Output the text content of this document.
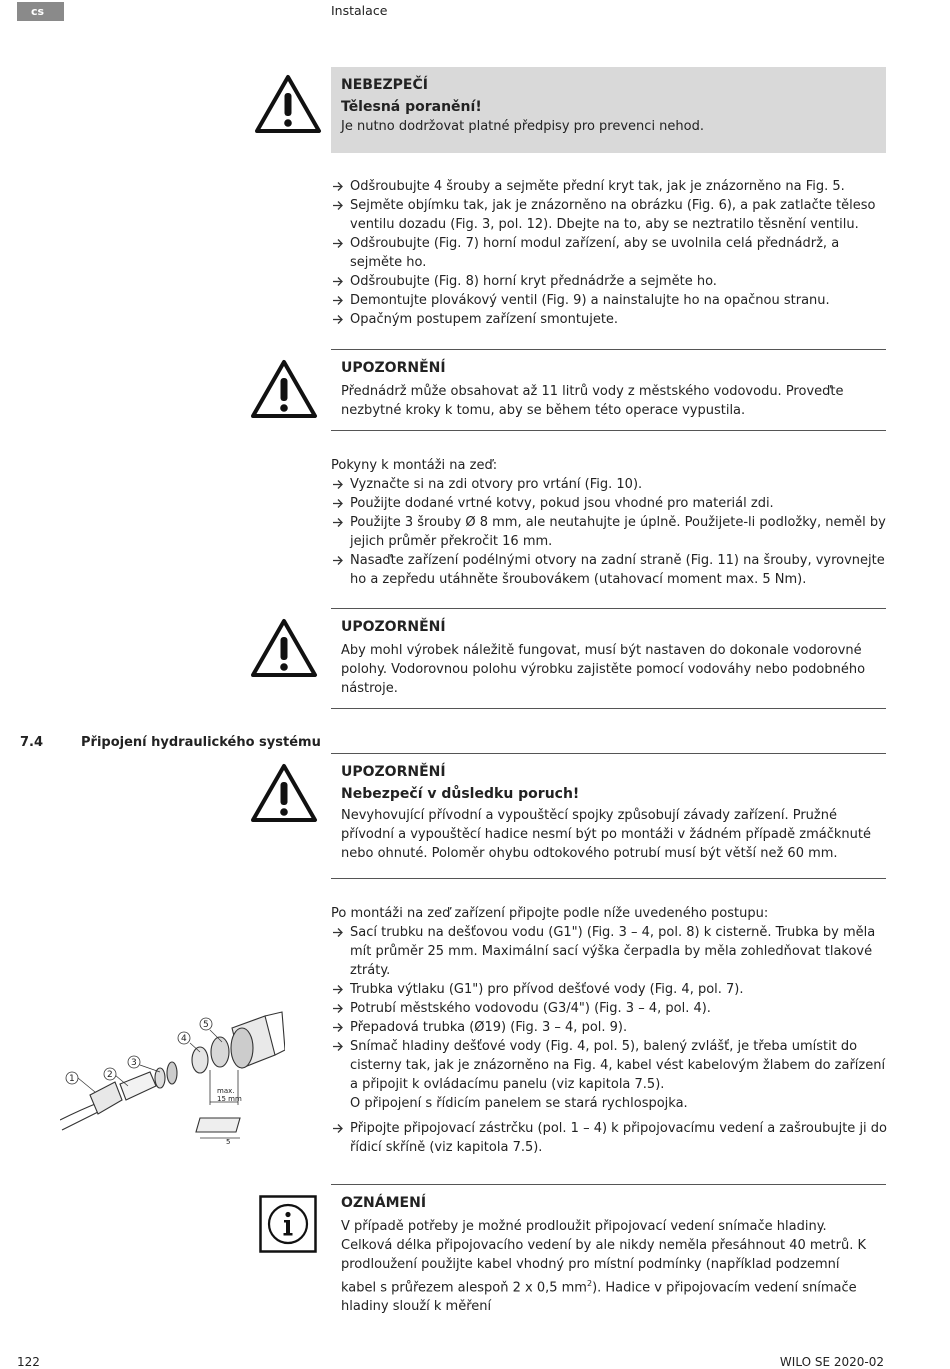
cs	Instalace
NEBEZPEČÍ
Tělesná poranění!
Je nutno dodržovat platné předpisy pro prevenci nehod.
Odšroubujte 4 šrouby a sejměte přední kryt tak, jak je znázorněno na Fig. 5.
Sejměte objímku tak, jak je znázorněno na obrázku (Fig. 6), a pak zatlačte těleso ventilu dozadu (Fig. 3, pol. 12). Dbejte na to, aby se neztratilo těsnění ventilu.
Odšroubujte (Fig. 7) horní modul zařízení, aby se uvolnila celá přednádrž, a sejměte ho.
Odšroubujte (Fig. 8) horní kryt přednádrže a sejměte ho.
Demontujte plovákový ventil (Fig. 9) a nainstalujte ho na opačnou stranu.
Opačným postupem zařízení smontujete.
UPOZORNĚNÍ
Přednádrž může obsahovat až 11 litrů vody z městského vodovodu. Proveďte nezbytné kroky k tomu, aby se během této operace vypustila.
Pokyny k montáži na zeď:
Vyznačte si na zdi otvory pro vrtání (Fig. 10).
Použijte dodané vrtné kotvy, pokud jsou vhodné pro materiál zdi.
Použijte 3 šrouby Ø 8 mm, ale neutahujte je úplně. Použijete-li podložky, neměl by jejich průměr překročit 16 mm.
Nasaďte zařízení podélnými otvory na zadní straně (Fig. 11) na šrouby, vyrovnejte ho a zepředu utáhněte šroubovákem (utahovací moment max. 5 Nm).
UPOZORNĚNÍ
Aby mohl výrobek náležitě fungovat, musí být nastaven do dokonale vodorovné polohy. Vodorovnou polohu výrobku zajistěte pomocí vodováhy nebo podobného nástroje.
7.4	Připojení hydraulického systému
UPOZORNĚNÍ
Nebezpečí v důsledku poruch!
Nevyhovující přívodní a vypouštěcí spojky způsobují závady zařízení. Pružné přívodní a vypouštěcí hadice nesmí být po montáži v žádném případě zmáčknuté nebo ohnuté. Poloměr ohybu odtokového potrubí musí být větší než 60 mm.
Po montáži na zeď zařízení připojte podle níže uvedeného postupu:
Sací trubku na dešťovou vodu (G1") (Fig. 3 – 4, pol. 8) k cisterně. Trubka by měla mít průměr 25 mm. Maximální sací výška čerpadla by měla zohledňovat tlakové ztráty.
Trubka výtlaku (G1") pro přívod dešťové vody (Fig. 4, pol. 7).
Potrubí městského vodovodu (G3/4") (Fig. 3 – 4, pol. 4).
Přepadová trubka (Ø19) (Fig. 3 – 4, pol. 9).
Snímač hladiny dešťové vody (Fig. 4, pol. 5), balený zvlášť, je třeba umístit do cisterny tak, jak je znázorněno na Fig. 4, kabel vést kabelovým žlabem do zařízení a připojit k ovládacímu panelu (viz kapitola 7.5).
O připojení s řídicím panelem se stará rychlospojka.
Připojte připojovací zástrčku (pol. 1 – 4) k připojovacímu vedení a zašroubujte ji do řídicí skříně (viz kapitola 7.5).
1	2
3
4
5
max. 15 mm
5
OZNÁMENÍ
V případě potřeby je možné prodloužit připojovací vedení snímače hladiny. Celková délka připojovacího vedení by ale nikdy neměla přesáhnout 40 metrů. K prodloužení použijte kabel vhodný pro místní podmínky (například podzemní kabel s průřezem alespoň 2 x 0,5 $mm^2$). Hadice v připojovacím vedení snímače hladiny slouží k měření
122	WILO SE 2020-02
